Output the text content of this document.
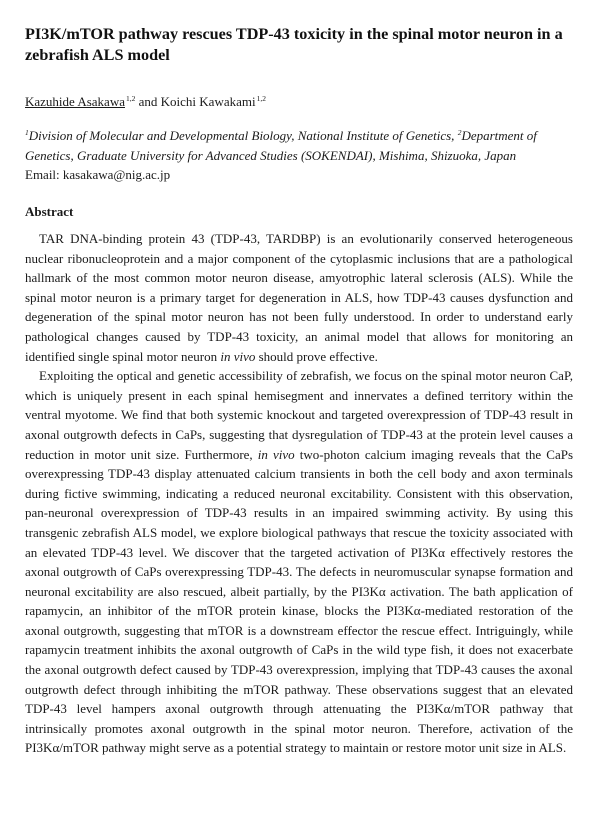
PI3K/mTOR pathway rescues TDP-43 toxicity in the spinal motor neuron in a zebrafish ALS model
Kazuhide Asakawa$^{1,2}$ and Koichi Kawakami$^{1,2}$
$^1$Division of Molecular and Developmental Biology, National Institute of Genetics, $^2$Department of Genetics, Graduate University for Advanced Studies (SOKENDAI), Mishima, Shizuoka, Japan
Email: kasakawa@nig.ac.jp
Abstract

TAR DNA-binding protein 43 (TDP-43, TARDBP) is an evolutionarily conserved heterogeneous nuclear ribonucleoprotein and a major component of the cytoplasmic inclusions that are a pathological hallmark of the most common motor neuron disease, amyotrophic lateral sclerosis (ALS). While the spinal motor neuron is a primary target for degeneration in ALS, how TDP-43 causes dysfunction and degeneration of the spinal motor neuron has not been fully understood. In order to understand early pathological changes caused by TDP-43 toxicity, an animal model that allows for monitoring an identified single spinal motor neuron in vivo should prove effective.

Exploiting the optical and genetic accessibility of zebrafish, we focus on the spinal motor neuron CaP, which is uniquely present in each spinal hemisegment and innervates a defined territory within the ventral myotome. We find that both systemic knockout and targeted overexpression of TDP-43 result in axonal outgrowth defects in CaPs, suggesting that dysregulation of TDP-43 at the protein level causes a reduction in motor unit size. Furthermore, in vivo two-photon calcium imaging reveals that the CaPs overexpressing TDP-43 display attenuated calcium transients in both the cell body and axon terminals during fictive swimming, indicating a reduced neuronal excitability. Consistent with this observation, pan-neuronal overexpression of TDP-43 results in an impaired swimming activity. By using this transgenic zebrafish ALS model, we explore biological pathways that rescue the toxicity associated with an elevated TDP-43 level. We discover that the targeted activation of PI3Kα effectively restores the axonal outgrowth of CaPs overexpressing TDP-43. The defects in neuromuscular synapse formation and neuronal excitability are also rescued, albeit partially, by the PI3Kα activation. The bath application of rapamycin, an inhibitor of the mTOR protein kinase, blocks the PI3Kα-mediated restoration of the axonal outgrowth, suggesting that mTOR is a downstream effector the rescue effect. Intriguingly, while rapamycin treatment inhibits the axonal outgrowth of CaPs in the wild type fish, it does not exacerbate the axonal outgrowth defect caused by TDP-43 overexpression, implying that TDP-43 causes the axonal outgrowth defect through inhibiting the mTOR pathway. These observations suggest that an elevated TDP-43 level hampers axonal outgrowth through attenuating the PI3Kα/mTOR pathway that intrinsically promotes axonal outgrowth in the spinal motor neuron. Therefore, activation of the PI3Kα/mTOR pathway might serve as a potential strategy to maintain or restore motor unit size in ALS.
